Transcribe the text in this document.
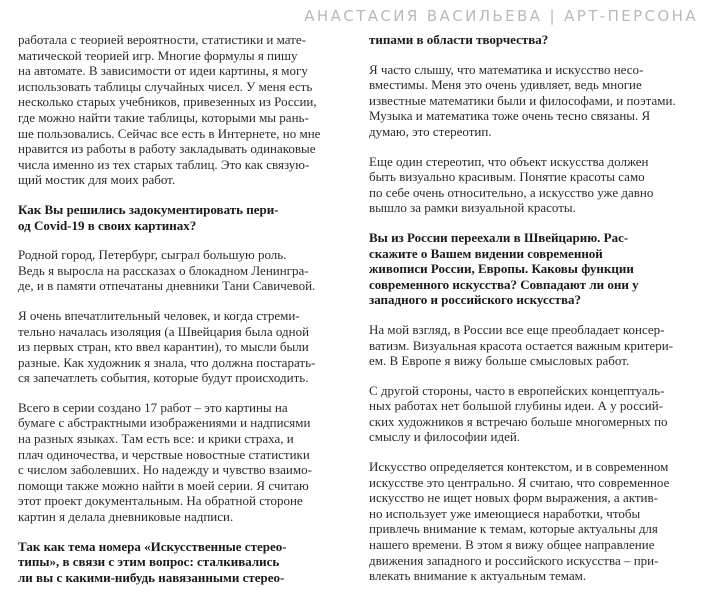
АНАСТАСИЯ ВАСИЛЬЕВА | АРТ-ПЕРСОНА

работала с теорией вероятности, статистики и мате-
матической теорией игр. Многие формулы я пишу
на автомате. В зависимости от идеи картины, я могу
использовать таблицы случайных чисел. У меня есть
несколько старых учебников, привезенных из России,
где можно найти такие таблицы, которыми мы рань-
ше пользовались. Сейчас все есть в Интернете, но мне
нравится из работы в работу закладывать одинаковые
числа именно из тех старых таблиц. Это как связую-
щий мостик для моих работ.

Как Вы решились задокументировать пери-
од Covid-19 в своих картинах?

Родной город, Петербург, сыграл большую роль.
Ведь я выросла на рассказах о блокадном Ленингра-
де, и в памяти отпечатаны дневники Тани Савичевой.

Я очень впечатлительный человек, и когда стреми-
тельно началась изоляция (а Швейцария была одной
из первых стран, кто ввел карантин), то мысли были
разные. Как художник я знала, что должна постарать-
ся запечатлеть события, которые будут происходить.

Всего в серии создано 17 работ – это картины на
бумаге с абстрактными изображениями и надписями
на разных языках. Там есть все: и крики страха, и
плач одиночества, и черствые новостные статистики
с числом заболевших. Но надежду и чувство взаимо-
помощи также можно найти в моей серии. Я считаю
этот проект документальным. На обратной стороне
картин я делала дневниковые надписи.

Так как тема номера «Искусственные стерео-
типы», в связи с этим вопрос: сталкивались
ли вы с какими-нибудь навязанными стерео-

типами в области творчества?

Я часто слышу, что математика и искусство несо-
вместимы. Меня это очень удивляет, ведь многие
известные математики были и философами, и поэтами.
Музыка и математика тоже очень тесно связаны. Я
думаю, это стереотип.

Еще один стереотип, что объект искусства должен
быть визуально красивым. Понятие красоты само
по себе очень относительно, а искусство уже давно
вышло за рамки визуальной красоты.

Вы из России переехали в Швейцарию. Рас-
скажите о Вашем видении современной
живописи России, Европы. Каковы функции
современного искусства? Совпадают ли они у
западного и российского искусства?

На мой взгляд, в России все еще преобладает консер-
ватизм. Визуальная красота остается важным критери-
ем. В Европе я вижу больше смысловых работ.

С другой стороны, часто в европейских концептуаль-
ных работах нет большой глубины идеи. А у россий-
ских художников я встречаю больше многомерных по
смыслу и философии идей.

Искусство определяется контекстом, и в современном
искусстве это центрально. Я считаю, что современное
искусство не ищет новых форм выражения, а актив-
но использует уже имеющиеся наработки, чтобы
привлечь внимание к темам, которые актуальны для
нашего времени. В этом я вижу общее направление
движения западного и российского искусства – при-
влекать внимание к актуальным темам.
